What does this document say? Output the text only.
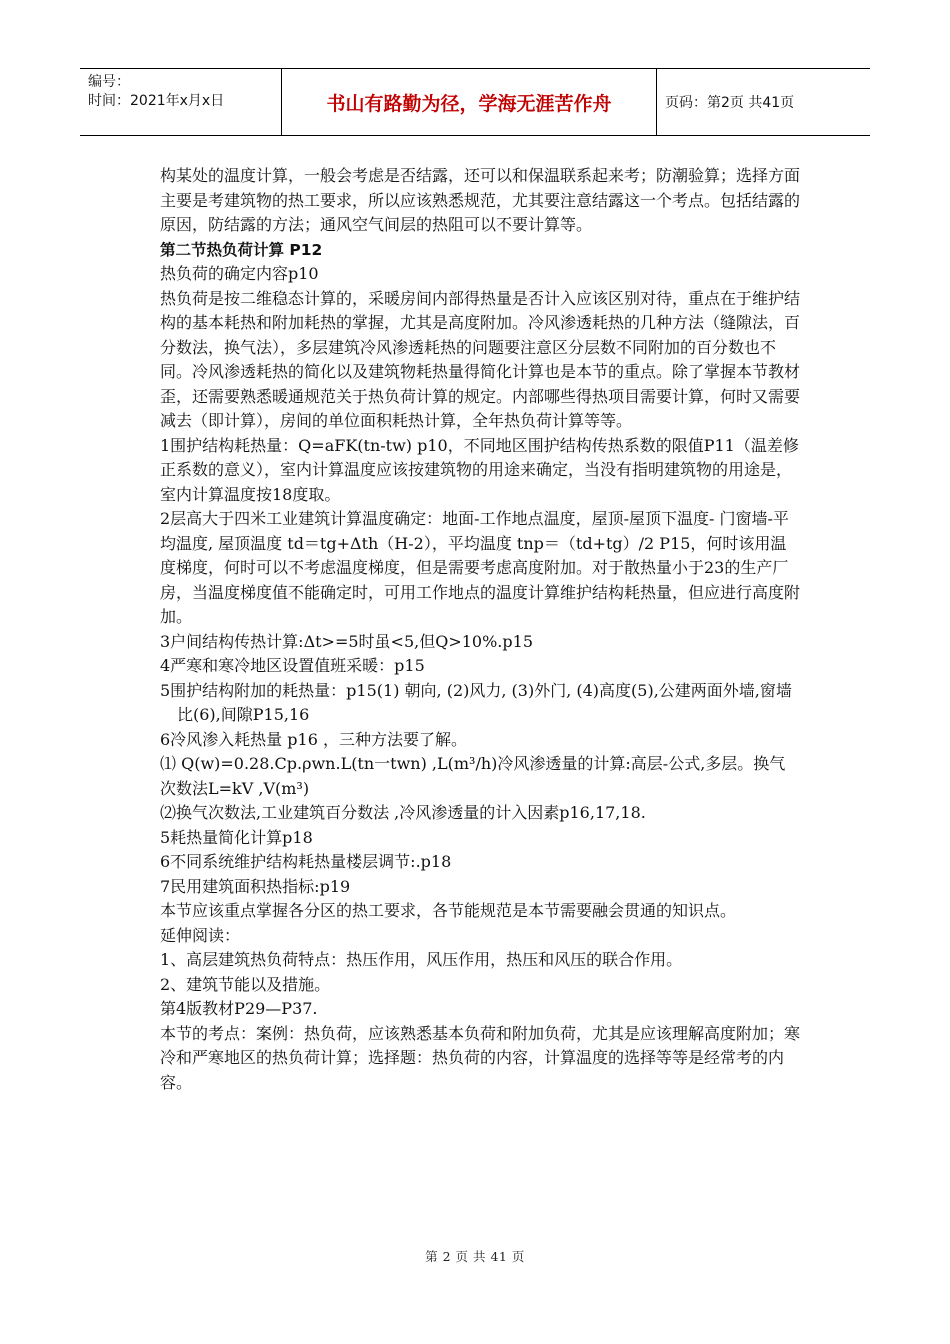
编号：
时间：2021年x月x日	书山有路勤为径，学海无涯苦作舟	页码：第2页 共41页

构某处的温度计算，一般会考虑是否结露，还可以和保温联系起来考；防潮验算；选择方面主要是考建筑物的热工要求，所以应该熟悉规范，尤其要注意结露这一个考点。包括结露的原因，防结露的方法；通风空气间层的热阻可以不要计算等。

第二节热负荷计算 P12

热负荷的确定内容p10

热负荷是按二维稳态计算的，采暖房间内部得热量是否计入应该区别对待，重点在于维护结构的基本耗热和附加耗热的掌握，尤其是高度附加。冷风渗透耗热的几种方法（缝隙法，百分数法，换气法），多层建筑冷风渗透耗热的问题要注意区分层数不同附加的百分数也不同。冷风渗透耗热的简化以及建筑物耗热量得简化计算也是本节的重点。除了掌握本节教材歪，还需要熟悉暖通规范关于热负荷计算的规定。内部哪些得热项目需要计算，何时又需要减去（即计算），房间的单位面积耗热计算，全年热负荷计算等等。

1围护结构耗热量：Q=aFK(tn-tw) p10，不同地区围护结构传热系数的限值P11（温差修正系数的意义），室内计算温度应该按建筑物的用途来确定，当没有指明建筑物的用途是，室内计算温度按18度取。

2层高大于四米工业建筑计算温度确定：地面-工作地点温度，屋顶-屋顶下温度- 门窗墙-平均温度, 屋顶温度 td＝tg+Δth（H-2），平均温度 tnp＝（td+tg）/2 P15，何时该用温度梯度，何时可以不考虑温度梯度，但是需要考虑高度附加。对于散热量小于23的生产厂房，当温度梯度值不能确定时，可用工作地点的温度计算维护结构耗热量，但应进行高度附加。

3户间结构传热计算:Δt>=5时虽<5,但Q>10%.p15

4严寒和寒冷地区设置值班采暖：p15

5围护结构附加的耗热量：p15(1) 朝向, (2)风力, (3)外门, (4)高度(5),公建两面外墙,窗墙比(6),间隙P15,16

6冷风渗入耗热量 p16 ，三种方法要了解。

⑴ Q(w)=0.28.Cp.ρwn.L(tn一twn) ,L(m³/h)冷风渗透量的计算:高层-公式,多层。换气次数法L=kV ,V(m³)

⑵换气次数法,工业建筑百分数法 ,冷风渗透量的计入因素p16,17,18.

5耗热量简化计算p18

6不同系统维护结构耗热量楼层调节:.p18

7民用建筑面积热指标:p19

本节应该重点掌握各分区的热工要求，各节能规范是本节需要融会贯通的知识点。

延伸阅读：

1、高层建筑热负荷特点：热压作用，风压作用，热压和风压的联合作用。

2、建筑节能以及措施。

第4版教材P29—P37.

本节的考点：案例：热负荷，应该熟悉基本负荷和附加负荷，尤其是应该理解高度附加；寒冷和严寒地区的热负荷计算；选择题：热负荷的内容，计算温度的选择等等是经常考的内容。

第 2 页 共 41 页
